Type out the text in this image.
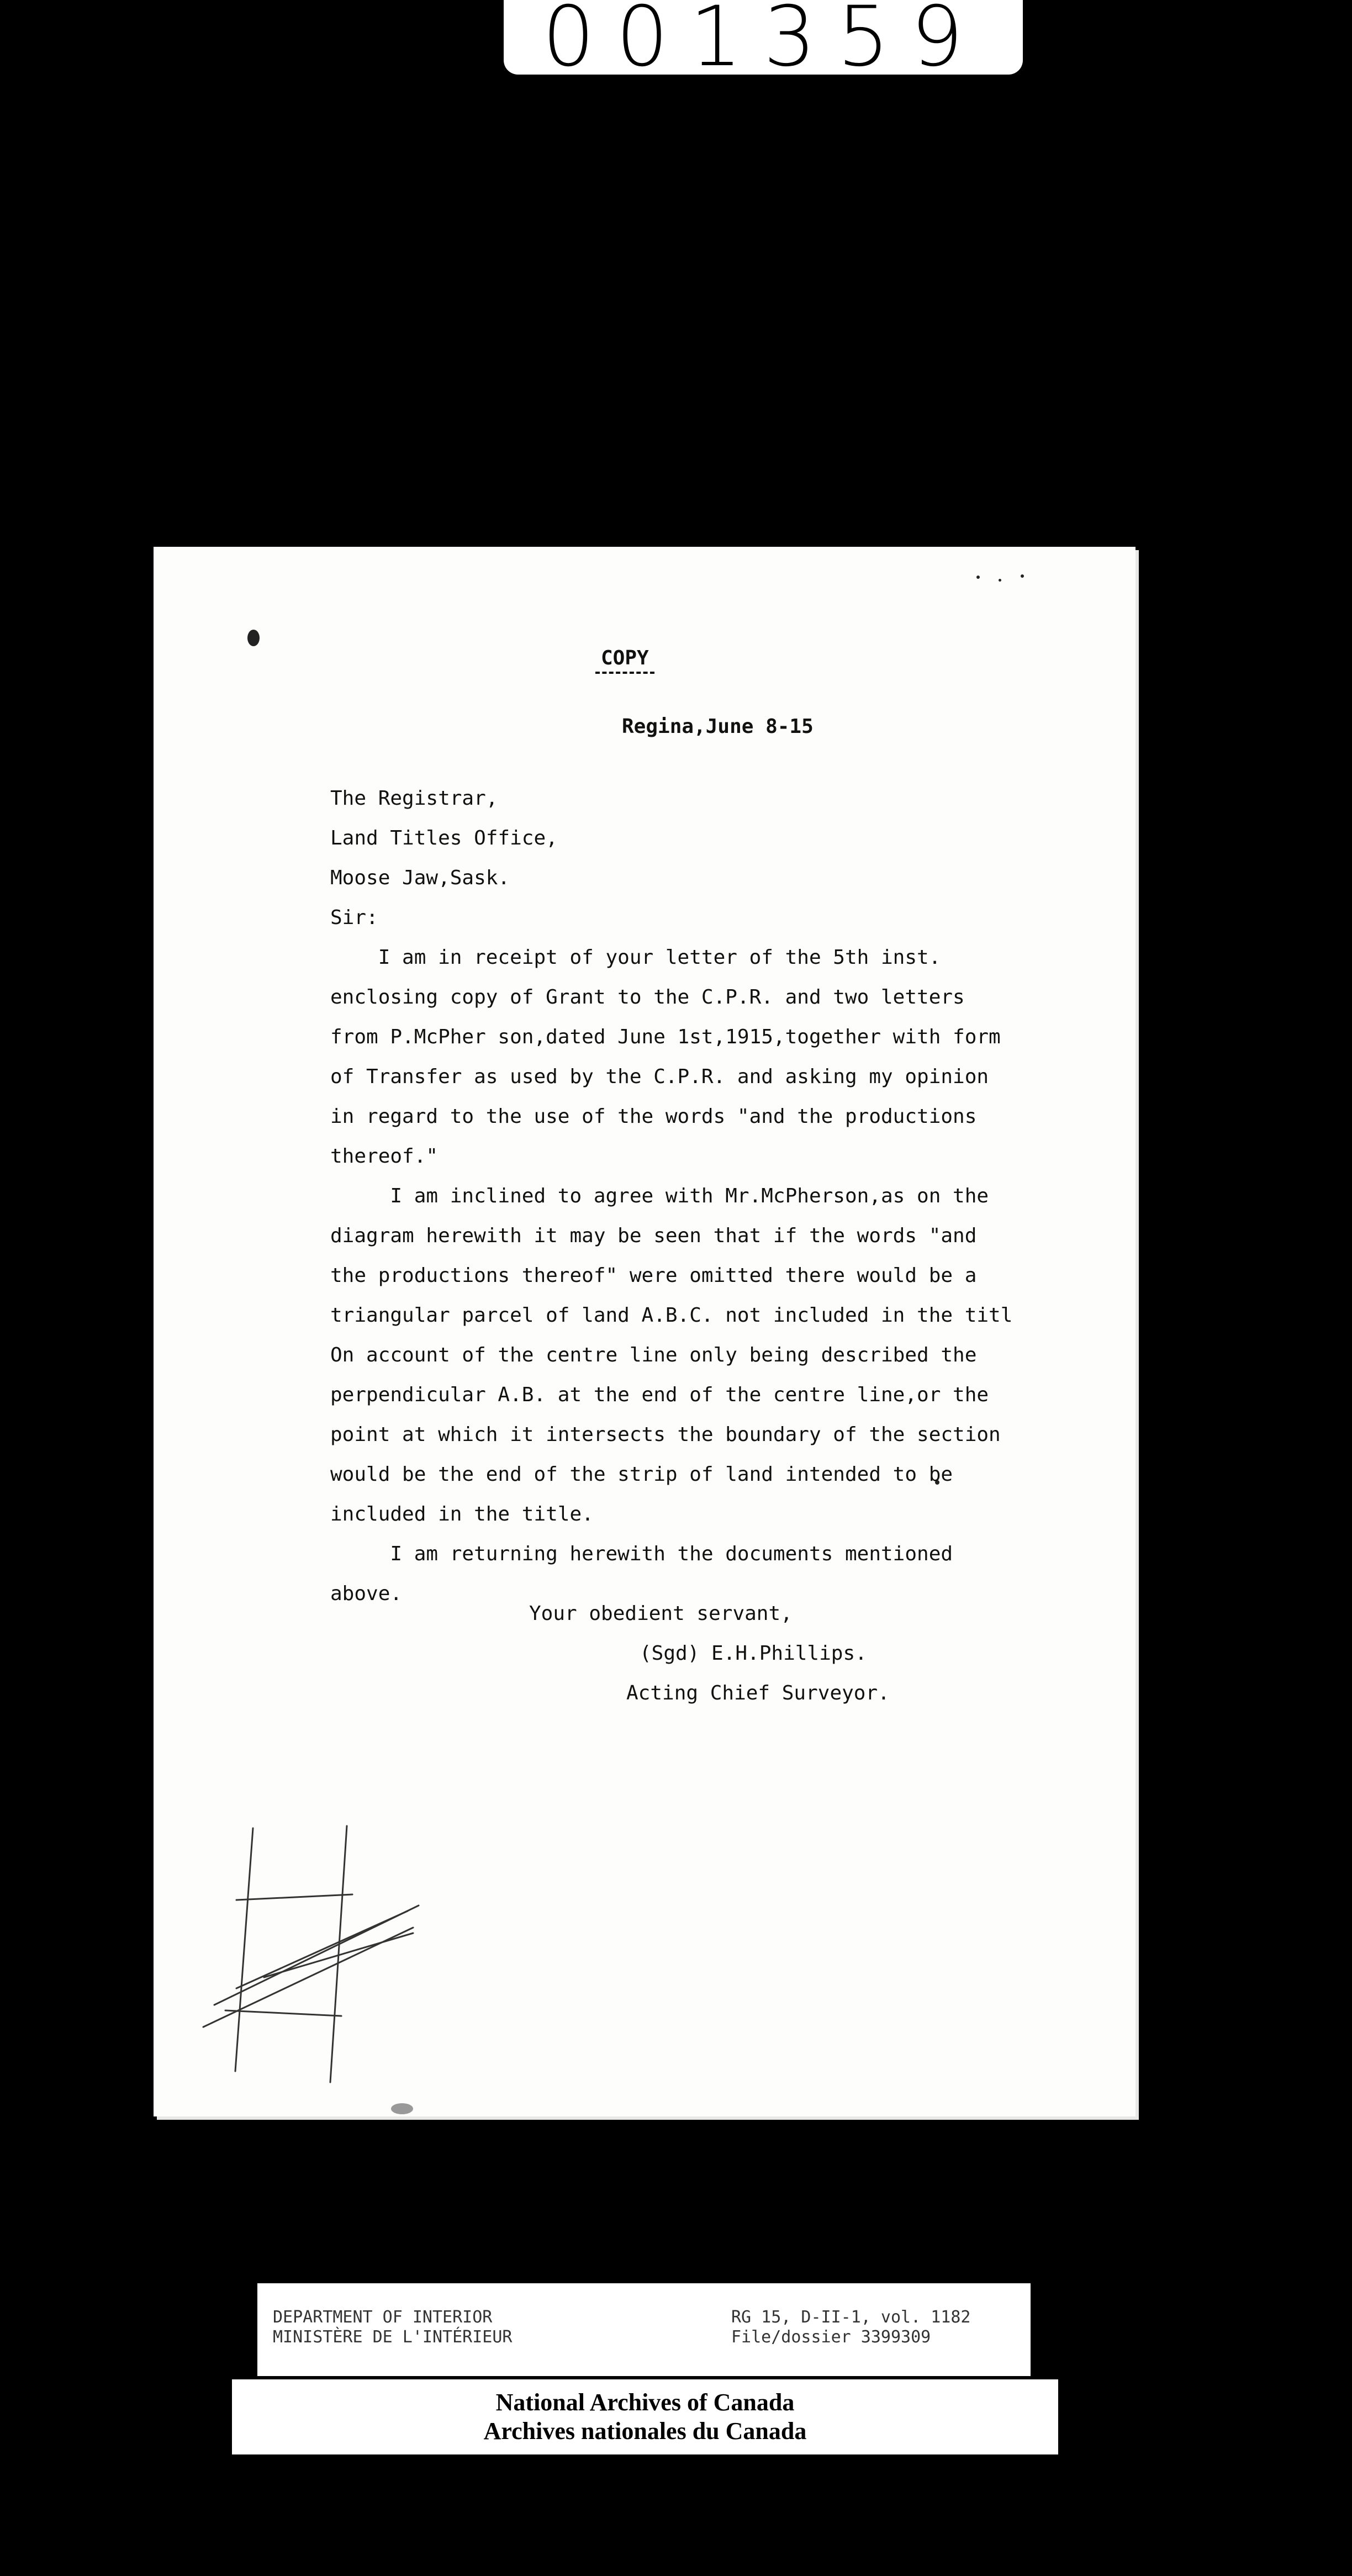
001359
COPY
Regina,June 8-15
The Registrar,
Land Titles Office,
Moose Jaw,Sask.
Sir:
I am in receipt of your letter of the 5th inst.
enclosing copy of Grant to the C.P.R. and two letters
from P.McPher son,dated June 1st,1915,together with form
of Transfer as used by the C.P.R. and asking my opinion
in regard to the use of the words "and the productions
thereof."
I am inclined to agree with Mr.McPherson,as on the
diagram herewith it may be seen that if the words "and
the productions thereof" were omitted there would be a
triangular parcel of land A.B.C. not included in the titl
On account of the centre line only being described the
perpendicular A.B. at the end of the centre line,or the
point at which it intersects the boundary of the section
would be the end of the strip of land intended to be
included in the title.
I am returning herewith the documents mentioned
above.
Your obedient servant,
(Sgd) E.H.Phillips.
Acting Chief Surveyor.
DEPARTMENT OF INTERIOR
MINISTÈRE DE L'INTÉRIEUR
RG 15, D-II-1, vol. 1182
File/dossier 3399309
National Archives of Canada
Archives nationales du Canada
